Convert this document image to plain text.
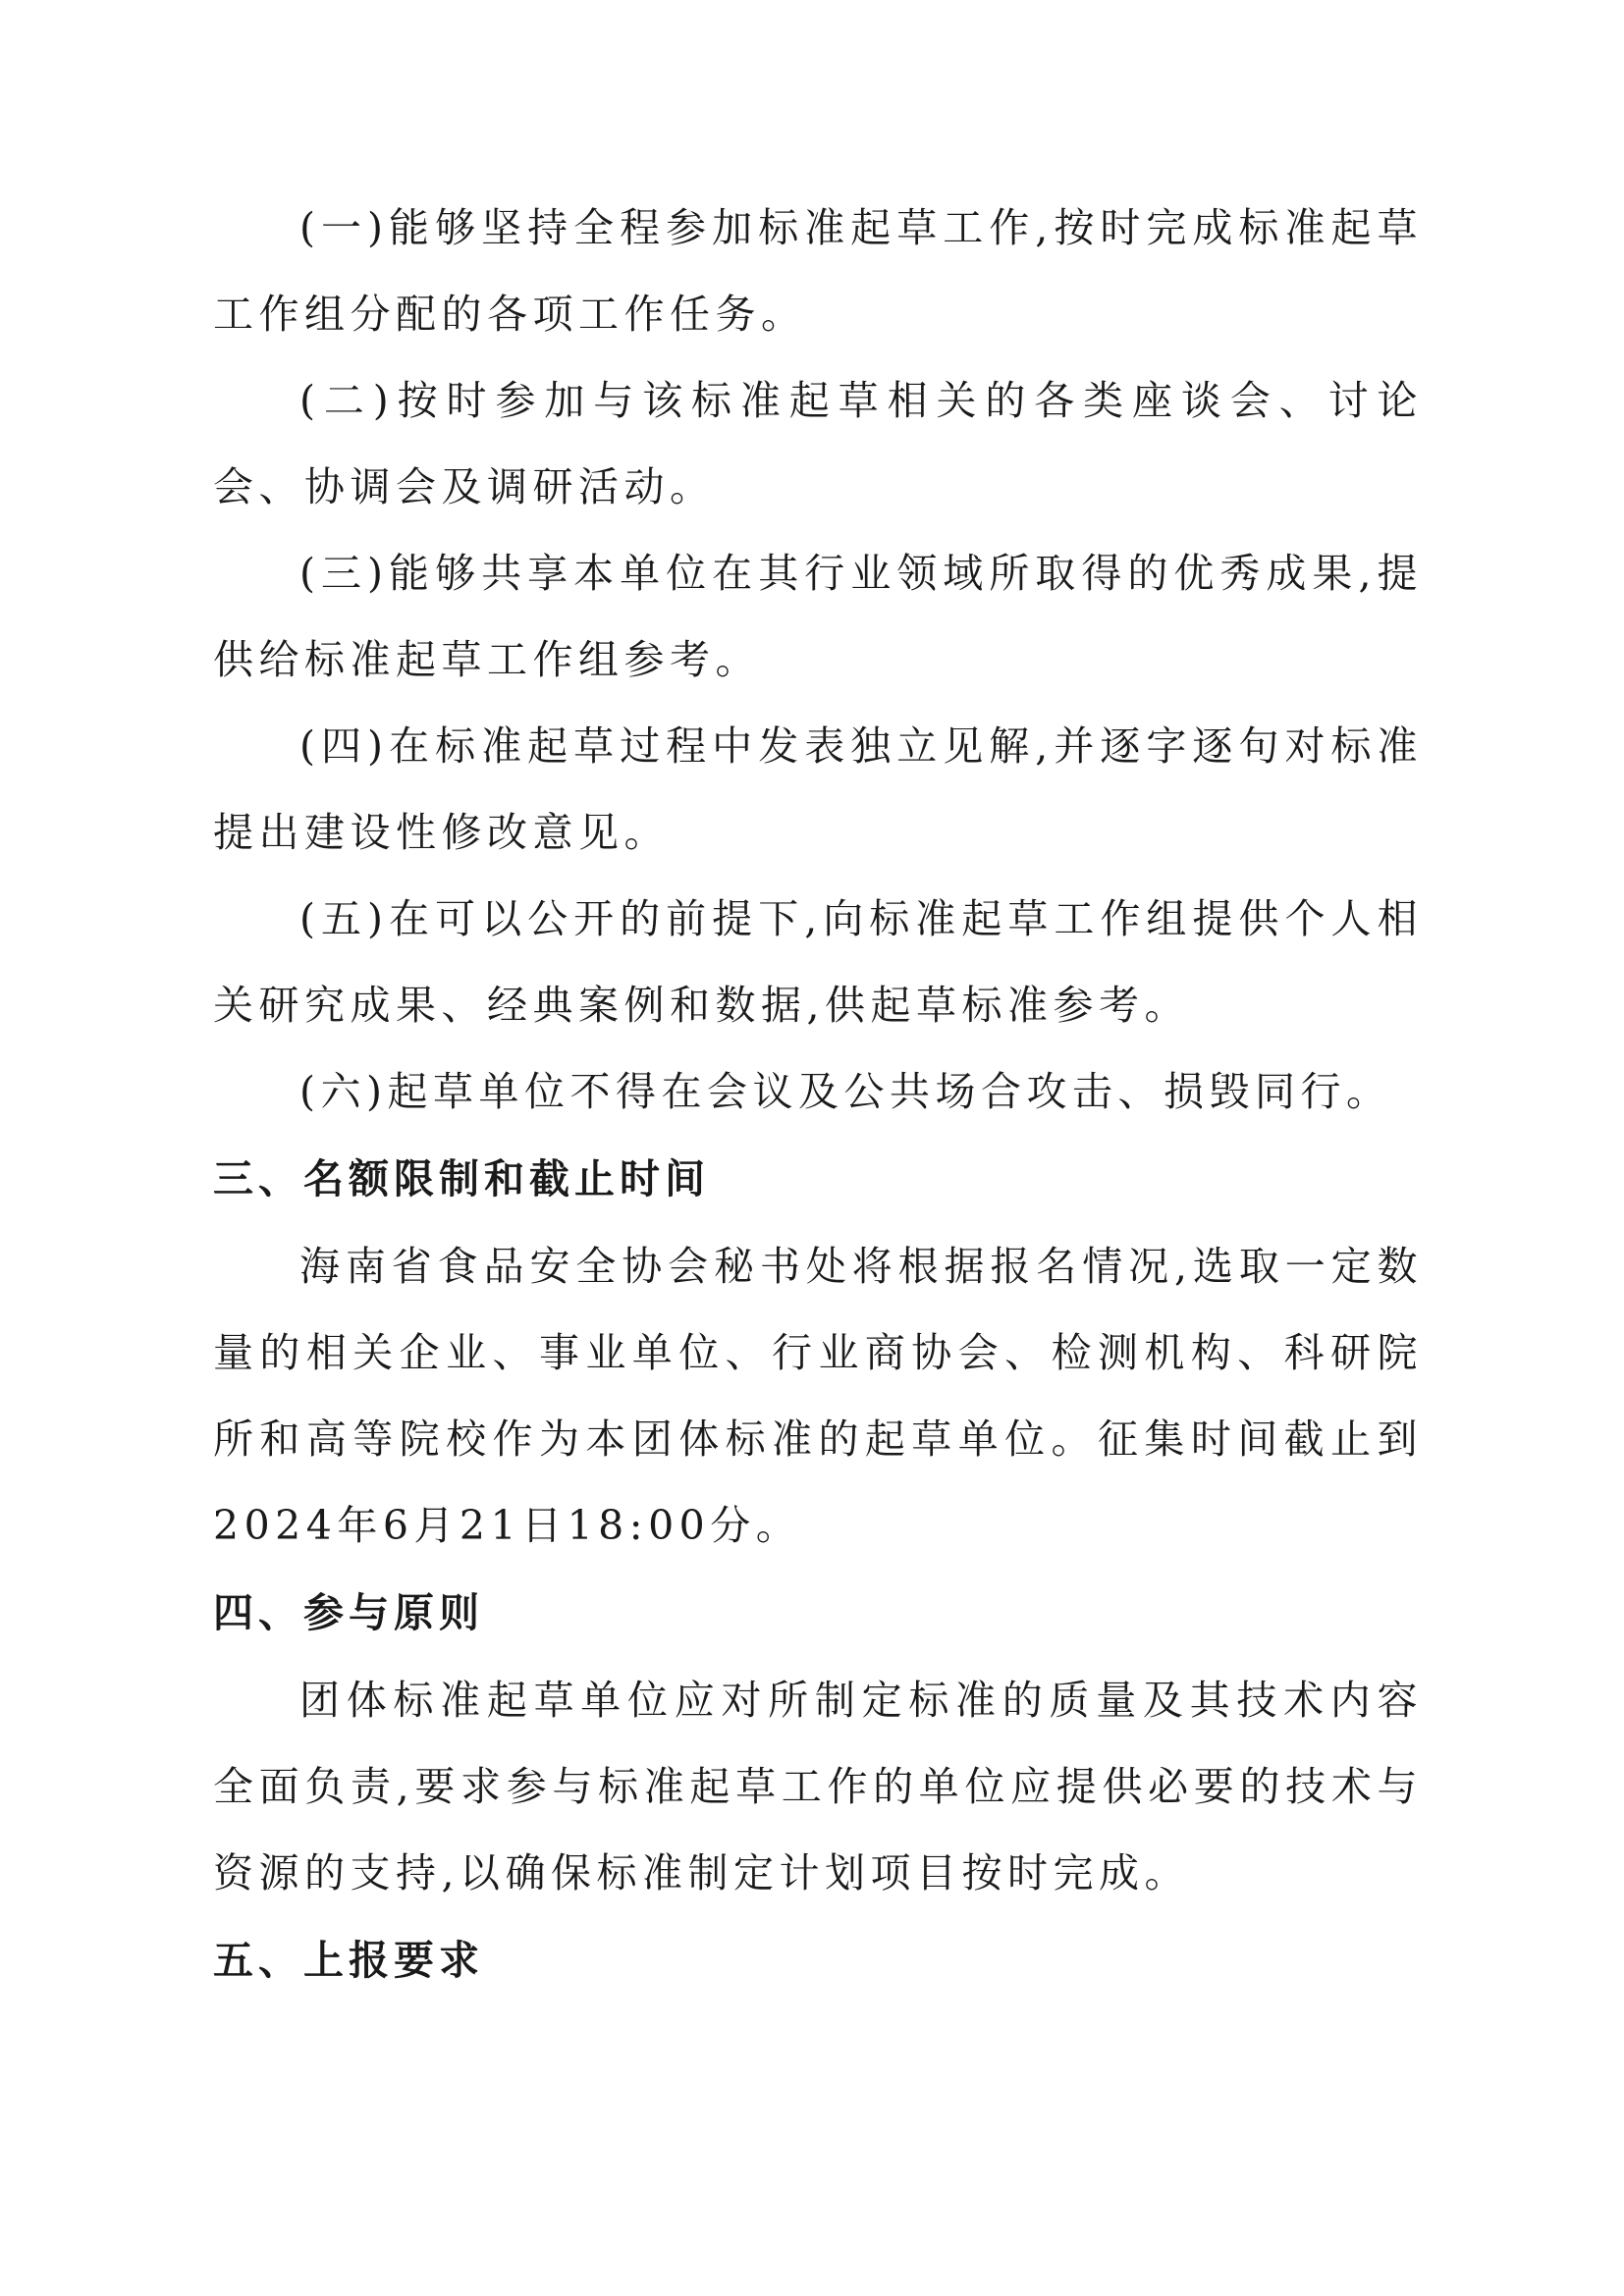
(一)能够坚持全程参加标准起草工作,按时完成标准起草工作组分配的各项工作任务。

(二)按时参加与该标准起草相关的各类座谈会、讨论会、协调会及调研活动。

(三)能够共享本单位在其行业领域所取得的优秀成果,提供给标准起草工作组参考。

(四)在标准起草过程中发表独立见解,并逐字逐句对标准提出建设性修改意见。

(五)在可以公开的前提下,向标准起草工作组提供个人相关研究成果、经典案例和数据,供起草标准参考。

(六)起草单位不得在会议及公共场合攻击、损毁同行。

三、名额限制和截止时间

海南省食品安全协会秘书处将根据报名情况,选取一定数量的相关企业、事业单位、行业商协会、检测机构、科研院所和高等院校作为本团体标准的起草单位。征集时间截止到2024年6月21日18:00分。

四、参与原则

团体标准起草单位应对所制定标准的质量及其技术内容 全面负责,要求参与标准起草工作的单位应提供必要的技术与资源的支持,以确保标准制定计划项目按时完成。

五、上报要求
